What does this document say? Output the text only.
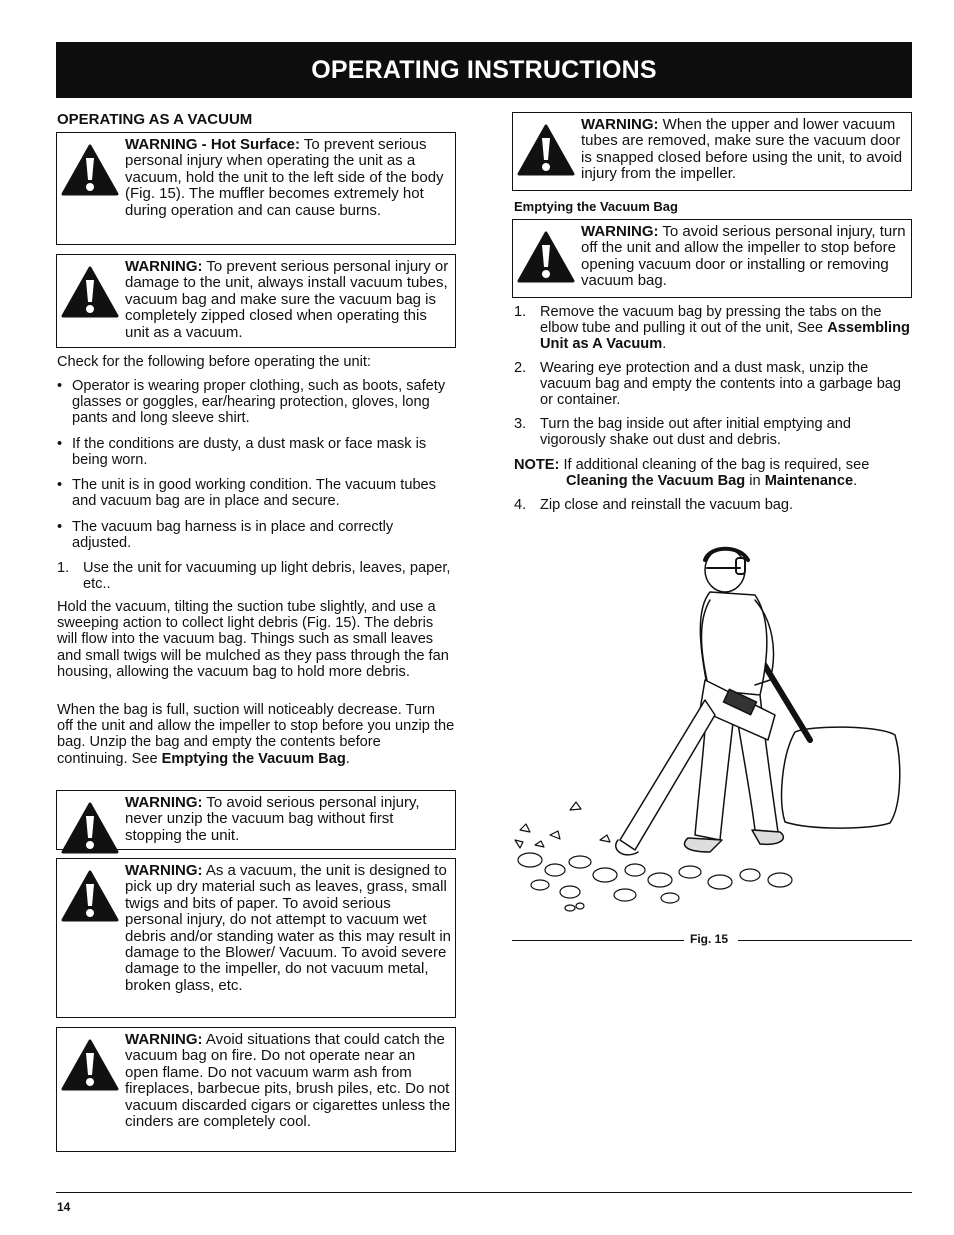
OPERATING INSTRUCTIONS
OPERATING AS A VACUUM
WARNING - Hot Surface: To prevent serious personal injury when operating the unit as a vacuum, hold the unit to the left side of the body (Fig. 15). The muffler becomes extremely hot during operation and can cause burns.
WARNING: To prevent serious personal injury or damage to the unit, always install vacuum tubes, vacuum bag and make sure the vacuum bag is completely zipped closed when operating this unit as a vacuum.
Check for the following before operating the unit:
• Operator is wearing proper clothing, such as boots, safety glasses or goggles, ear/hearing protection, gloves, long pants and long sleeve shirt.
• If the conditions are dusty, a dust mask or face mask is being worn.
• The unit is in good working condition. The vacuum tubes and vacuum bag are in place and secure.
• The vacuum bag harness is in place and correctly adjusted.
1. Use the unit for vacuuming up light debris, leaves, paper, etc..
Hold the vacuum, tilting the suction tube slightly, and use a sweeping action to collect light debris (Fig. 15). The debris will flow into the vacuum bag. Things such as small leaves and small twigs will be mulched as they pass through the fan housing, allowing the vacuum bag to hold more debris.
When the bag is full, suction will noticeably decrease. Turn off the unit and allow the impeller to stop before you unzip the bag. Unzip the bag and empty the contents before continuing. See Emptying the Vacuum Bag.
WARNING: To avoid serious personal injury, never unzip the vacuum bag without first stopping the unit.
WARNING: As a vacuum, the unit is designed to pick up dry material such as leaves, grass, small twigs and bits of paper. To avoid serious personal injury, do not attempt to vacuum wet debris and/or standing water as this may result in damage to the Blower/ Vacuum. To avoid severe damage to the impeller, do not vacuum metal, broken glass, etc.
WARNING: Avoid situations that could catch the vacuum bag on fire. Do not operate near an open flame. Do not vacuum warm ash from fireplaces, barbecue pits, brush piles, etc. Do not vacuum discarded cigars or cigarettes unless the cinders are completely cool.
WARNING: When the upper and lower vacuum tubes are removed, make sure the vacuum door is snapped closed before using the unit, to avoid injury from the impeller.
Emptying the Vacuum Bag
WARNING: To avoid serious personal injury, turn off the unit and allow the impeller to stop before opening vacuum door or installing or removing vacuum bag.
1. Remove the vacuum bag by pressing the tabs on the elbow tube and pulling it out of the unit, See Assembling Unit as A Vacuum.
2. Wearing eye protection and a dust mask, unzip the vacuum bag and empty the contents into a garbage bag or container.
3. Turn the bag inside out after initial emptying and vigorously shake out dust and debris.
NOTE: If additional cleaning of the bag is required, see
Cleaning the Vacuum Bag in Maintenance.
4. Zip close and reinstall the vacuum bag.
Fig. 15
14
